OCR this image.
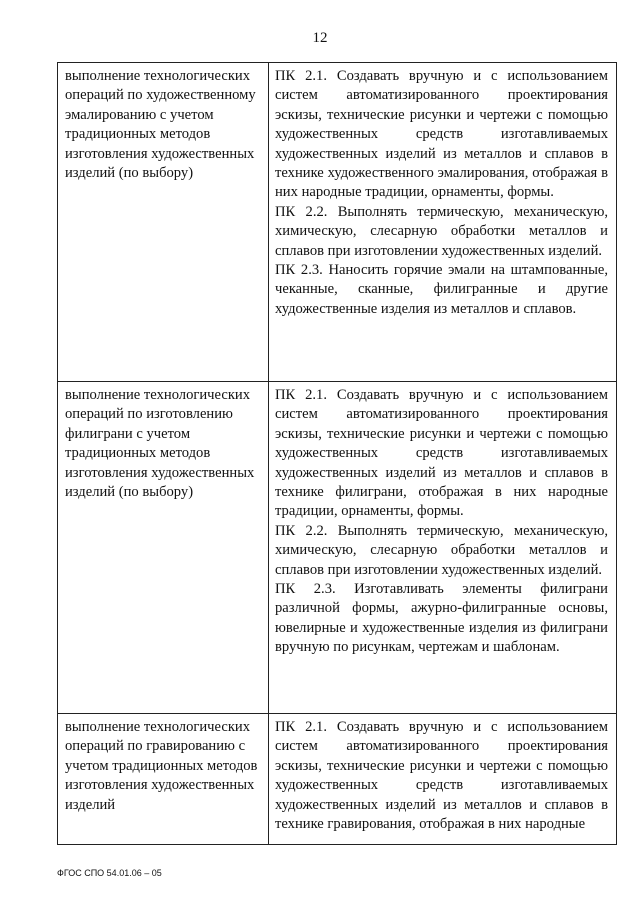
12
выполнение технологических операций по художественному эмалированию с учетом традиционных методов изготовления художественных изделий (по выбору)	ПК 2.1. Создавать вручную и с использованием систем автоматизированного проектирования эскизы, технические рисунки и чертежи с помощью художественных средств изготавливаемых художественных изделий из металлов и сплавов в технике художественного эмалирования, отображая в них народные традиции, орнаменты, формы.
ПК 2.2. Выполнять термическую, механическую, химическую, слесарную обработки металлов и сплавов при изготовлении художественных изделий.
ПК 2.3. Наносить горячие эмали на штампованные, чеканные, сканные, филигранные и другие художественные изделия из металлов и сплавов.

выполнение технологических операций по изготовлению филиграни с учетом традиционных методов изготовления художественных изделий (по выбору)	ПК 2.1. Создавать вручную и с использованием систем автоматизированного проектирования эскизы, технические рисунки и чертежи с помощью художественных средств изготавливаемых художественных изделий из металлов и сплавов в технике филиграни, отображая в них народные традиции, орнаменты, формы.
ПК 2.2. Выполнять термическую, механическую, химическую, слесарную обработки металлов и сплавов при изготовлении художественных изделий.
ПК 2.3. Изготавливать элементы филиграни различной формы, ажурно-филигранные основы, ювелирные и художественные изделия из филиграни вручную по рисункам, чертежам и шаблонам.

выполнение технологических операций по гравированию с учетом традиционных методов изготовления художественных изделий	ПК 2.1. Создавать вручную и с использованием систем автоматизированного проектирования эскизы, технические рисунки и чертежи с помощью художественных средств изготавливаемых художественных изделий из металлов и сплавов в технике гравирования, отображая в них народные
ФГОС СПО 54.01.06 – 05
